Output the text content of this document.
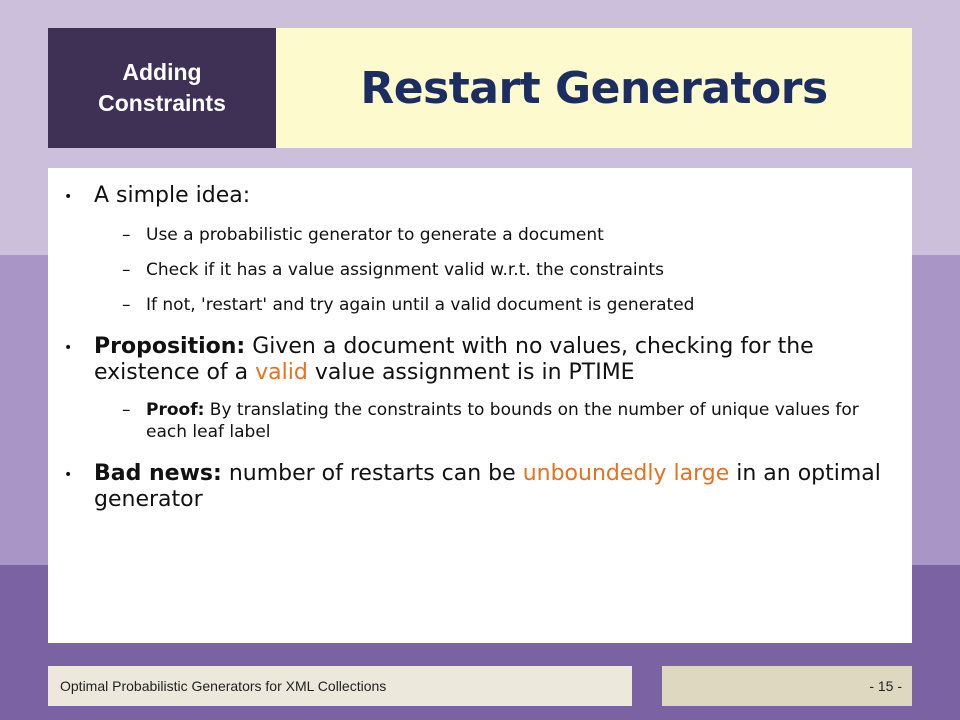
Adding
Constraints	Restart Generators
• A simple idea:
– Use a probabilistic generator to generate a document
– Check if it has a value assignment valid w.r.t. the constraints
– If not, 'restart' and try again until a valid document is generated
• Proposition: Given a document with no values, checking for the existence of a valid value assignment is in PTIME
– Proof: By translating the constraints to bounds on the number of unique values for each leaf label
• Bad news: number of restarts can be unboundedly large in an optimal generator
Optimal Probabilistic Generators for XML Collections	- 15 -
